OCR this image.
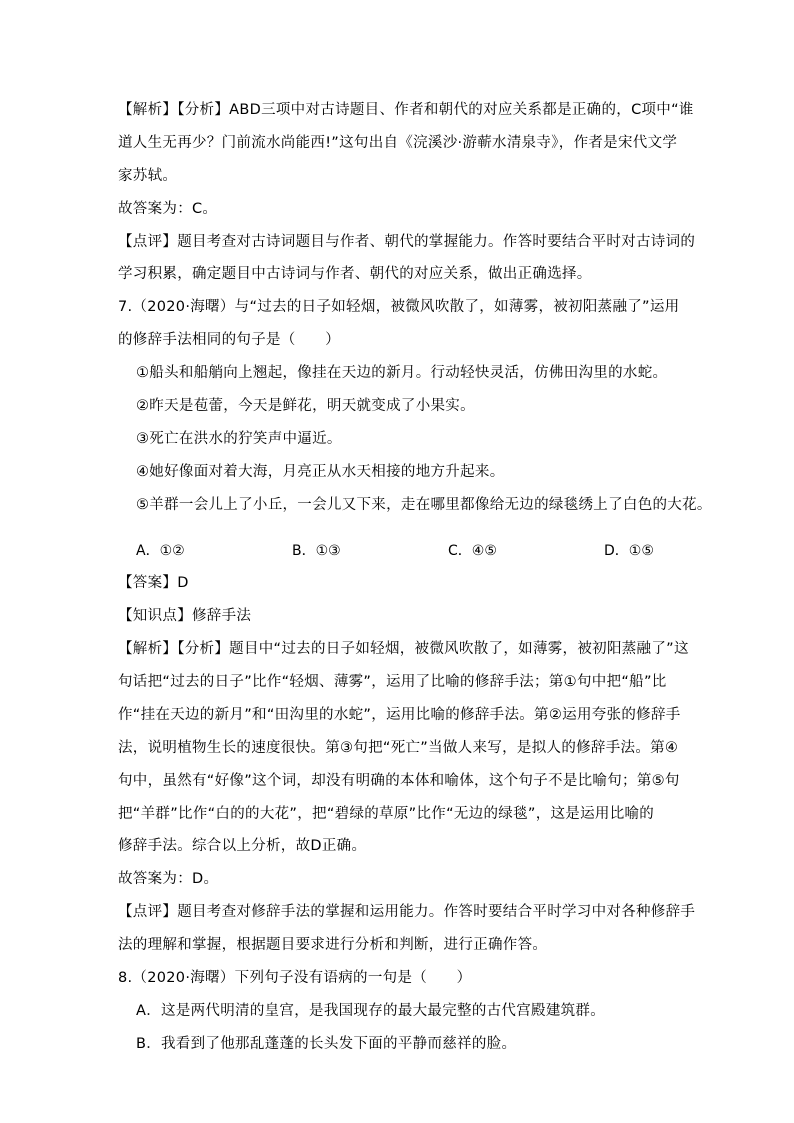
【解析】【分析】ABD三项中对古诗题目、作者和朝代的对应关系都是正确的，C项中“谁
道人生无再少？门前流水尚能西!”这句出自《浣溪沙·游蕲水清泉寺》，作者是宋代文学
家苏轼。
故答案为：C。
【点评】题目考查对古诗词题目与作者、朝代的掌握能力。作答时要结合平时对古诗词的
学习积累，确定题目中古诗词与作者、朝代的对应关系，做出正确选择。
7.（2020·海曙）与“过去的日子如轻烟，被微风吹散了，如薄雾，被初阳蒸融了”运用
的修辞手法相同的句子是（　　）
①船头和船艄向上翘起，像挂在天边的新月。行动轻快灵活，仿佛田沟里的水蛇。
②昨天是苞蕾，今天是鲜花，明天就变成了小果实。
③死亡在洪水的狞笑声中逼近。
④她好像面对着大海，月亮正从水天相接的地方升起来。
⑤羊群一会儿上了小丘，一会儿又下来，走在哪里都像给无边的绿毯绣上了白色的大花。
A．①②	B．①③	C．④⑤	D．①⑤
【答案】D
【知识点】修辞手法
【解析】【分析】题目中“过去的日子如轻烟，被微风吹散了，如薄雾，被初阳蒸融了”这
句话把“过去的日子”比作“轻烟、薄雾”，运用了比喻的修辞手法；第①句中把“船”比
作“挂在天边的新月”和“田沟里的水蛇”，运用比喻的修辞手法。第②运用夸张的修辞手
法，说明植物生长的速度很快。第③句把“死亡”当做人来写，是拟人的修辞手法。第④
句中，虽然有“好像”这个词，却没有明确的本体和喻体，这个句子不是比喻句；第⑤句
把“羊群”比作“白的的大花”，把“碧绿的草原”比作“无边的绿毯”，这是运用比喻的
修辞手法。综合以上分析，故D正确。
故答案为：D。
【点评】题目考查对修辞手法的掌握和运用能力。作答时要结合平时学习中对各种修辞手
法的理解和掌握，根据题目要求进行分析和判断，进行正确作答。
8.（2020·海曙）下列句子没有语病的一句是（　　）
A．这是两代明清的皇宫，是我国现存的最大最完整的古代宫殿建筑群。
B．我看到了他那乱蓬蓬的长头发下面的平静而慈祥的脸。
